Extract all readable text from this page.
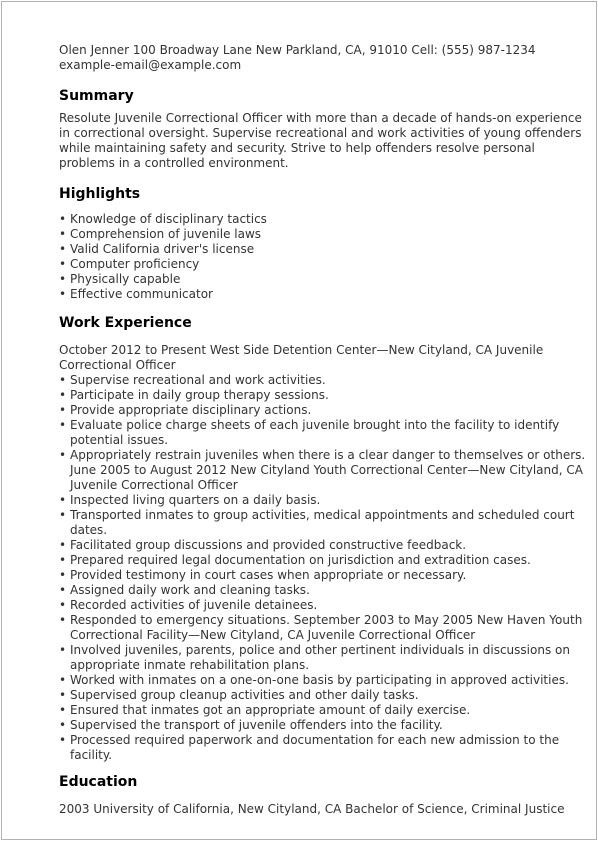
Olen Jenner 100 Broadway Lane New Parkland, CA, 91010 Cell: (555) 987-1234 example-email@example.com

Summary

Resolute Juvenile Correctional Officer with more than a decade of hands-on experience in correctional oversight. Supervise recreational and work activities of young offenders while maintaining safety and security. Strive to help offenders resolve personal problems in a controlled environment.

Highlights
• Knowledge of disciplinary tactics
• Comprehension of juvenile laws
• Valid California driver's license
• Computer proficiency
• Physically capable
• Effective communicator
Work Experience

October 2012 to Present West Side Detention Center—New Cityland, CA Juvenile Correctional Officer

• Supervise recreational and work activities.
• Participate in daily group therapy sessions.
• Provide appropriate disciplinary actions.
• Evaluate police charge sheets of each juvenile brought into the facility to identify potential issues.
• Appropriately restrain juveniles when there is a clear danger to themselves or others. June 2005 to August 2012 New Cityland Youth Correctional Center—New Cityland, CA Juvenile Correctional Officer
• Inspected living quarters on a daily basis.
• Transported inmates to group activities, medical appointments and scheduled court dates.
• Facilitated group discussions and provided constructive feedback.
• Prepared required legal documentation on jurisdiction and extradition cases.
• Provided testimony in court cases when appropriate or necessary.
• Assigned daily work and cleaning tasks.
• Recorded activities of juvenile detainees.
• Responded to emergency situations. September 2003 to May 2005 New Haven Youth Correctional Facility—New Cityland, CA Juvenile Correctional Officer
• Involved juveniles, parents, police and other pertinent individuals in discussions on appropriate inmate rehabilitation plans.
• Worked with inmates on a one-on-one basis by participating in approved activities.
• Supervised group cleanup activities and other daily tasks.
• Ensured that inmates got an appropriate amount of daily exercise.
• Supervised the transport of juvenile offenders into the facility.
• Processed required paperwork and documentation for each new admission to the facility.
Education

2003 University of California, New Cityland, CA Bachelor of Science, Criminal Justice
